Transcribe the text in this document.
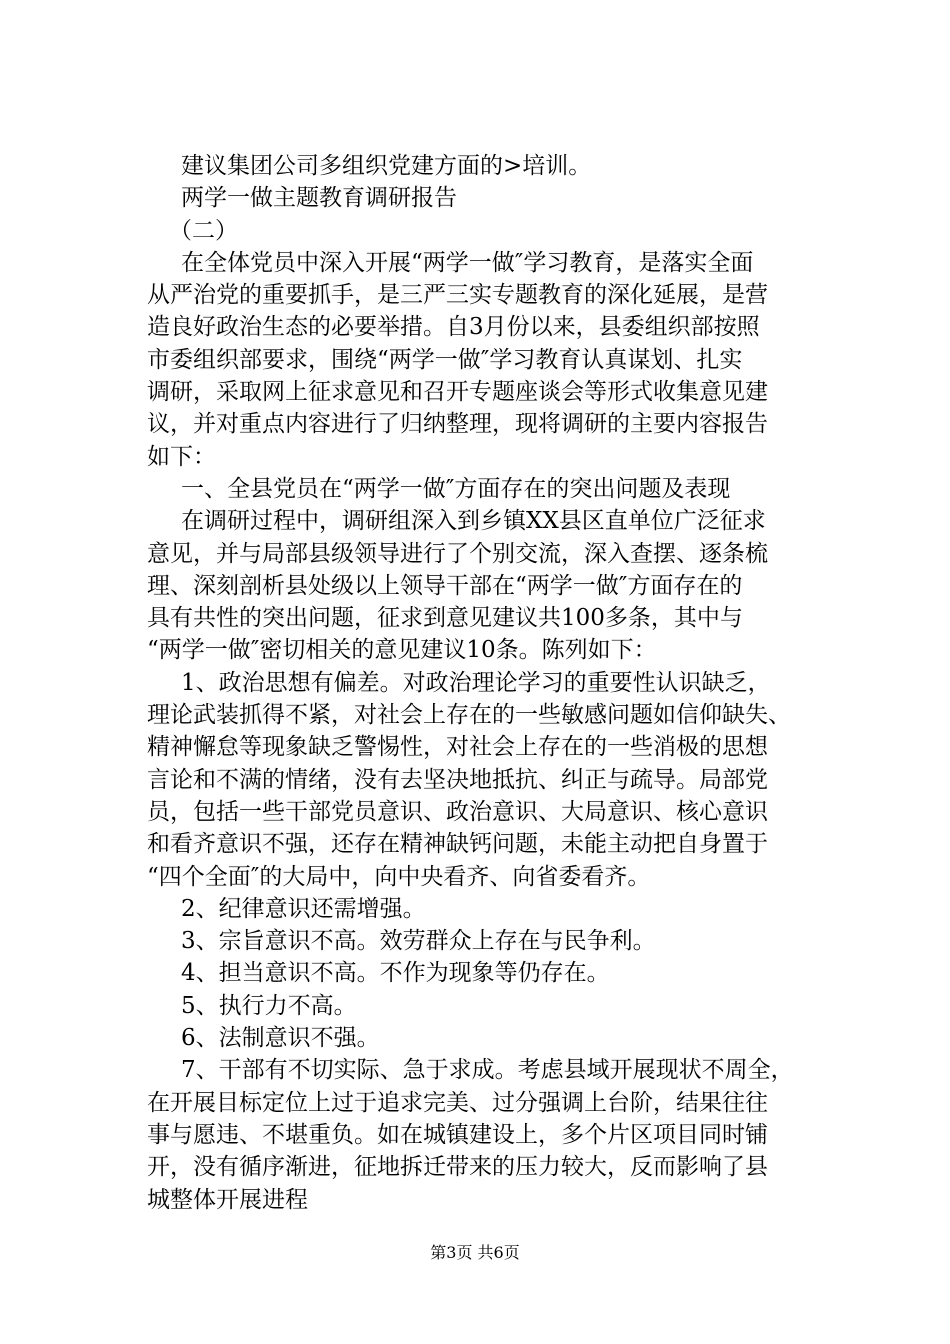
建议集团公司多组织党建方面的>培训。
两学一做主题教育调研报告
（二）
在全体党员中深入开展“两学一做″学习教育，是落实全面
从严治党的重要抓手，是三严三实专题教育的深化延展，是营
造良好政治生态的必要举措。自3月份以来，县委组织部按照
市委组织部要求，围绕“两学一做″学习教育认真谋划、扎实
调研，采取网上征求意见和召开专题座谈会等形式收集意见建
议，并对重点内容进行了归纳整理，现将调研的主要内容报告
如下：
一、全县党员在“两学一做″方面存在的突出问题及表现
在调研过程中，调研组深入到乡镇XX县区直单位广泛征求
意见，并与局部县级领导进行了个别交流，深入查摆、逐条梳
理、深刻剖析县处级以上领导干部在“两学一做″方面存在的
具有共性的突出问题，征求到意见建议共100多条，其中与
“两学一做″密切相关的意见建议10条。陈列如下：
1、政治思想有偏差。对政治理论学习的重要性认识缺乏，
理论武装抓得不紧，对社会上存在的一些敏感问题如信仰缺失、
精神懈怠等现象缺乏警惕性，对社会上存在的一些消极的思想
言论和不满的情绪，没有去坚决地抵抗、纠正与疏导。局部党
员，包括一些干部党员意识、政治意识、大局意识、核心意识
和看齐意识不强，还存在精神缺钙问题，未能主动把自身置于
“四个全面″的大局中，向中央看齐、向省委看齐。
2、纪律意识还需增强。
3、宗旨意识不高。效劳群众上存在与民争利。
4、担当意识不高。不作为现象等仍存在。
5、执行力不高。
6、法制意识不强。
7、干部有不切实际、急于求成。考虑县域开展现状不周全，
在开展目标定位上过于追求完美、过分强调上台阶，结果往往
事与愿违、不堪重负。如在城镇建设上，多个片区项目同时铺
开，没有循序渐进，征地拆迁带来的压力较大，反而影响了县
城整体开展进程
第3页 共6页
